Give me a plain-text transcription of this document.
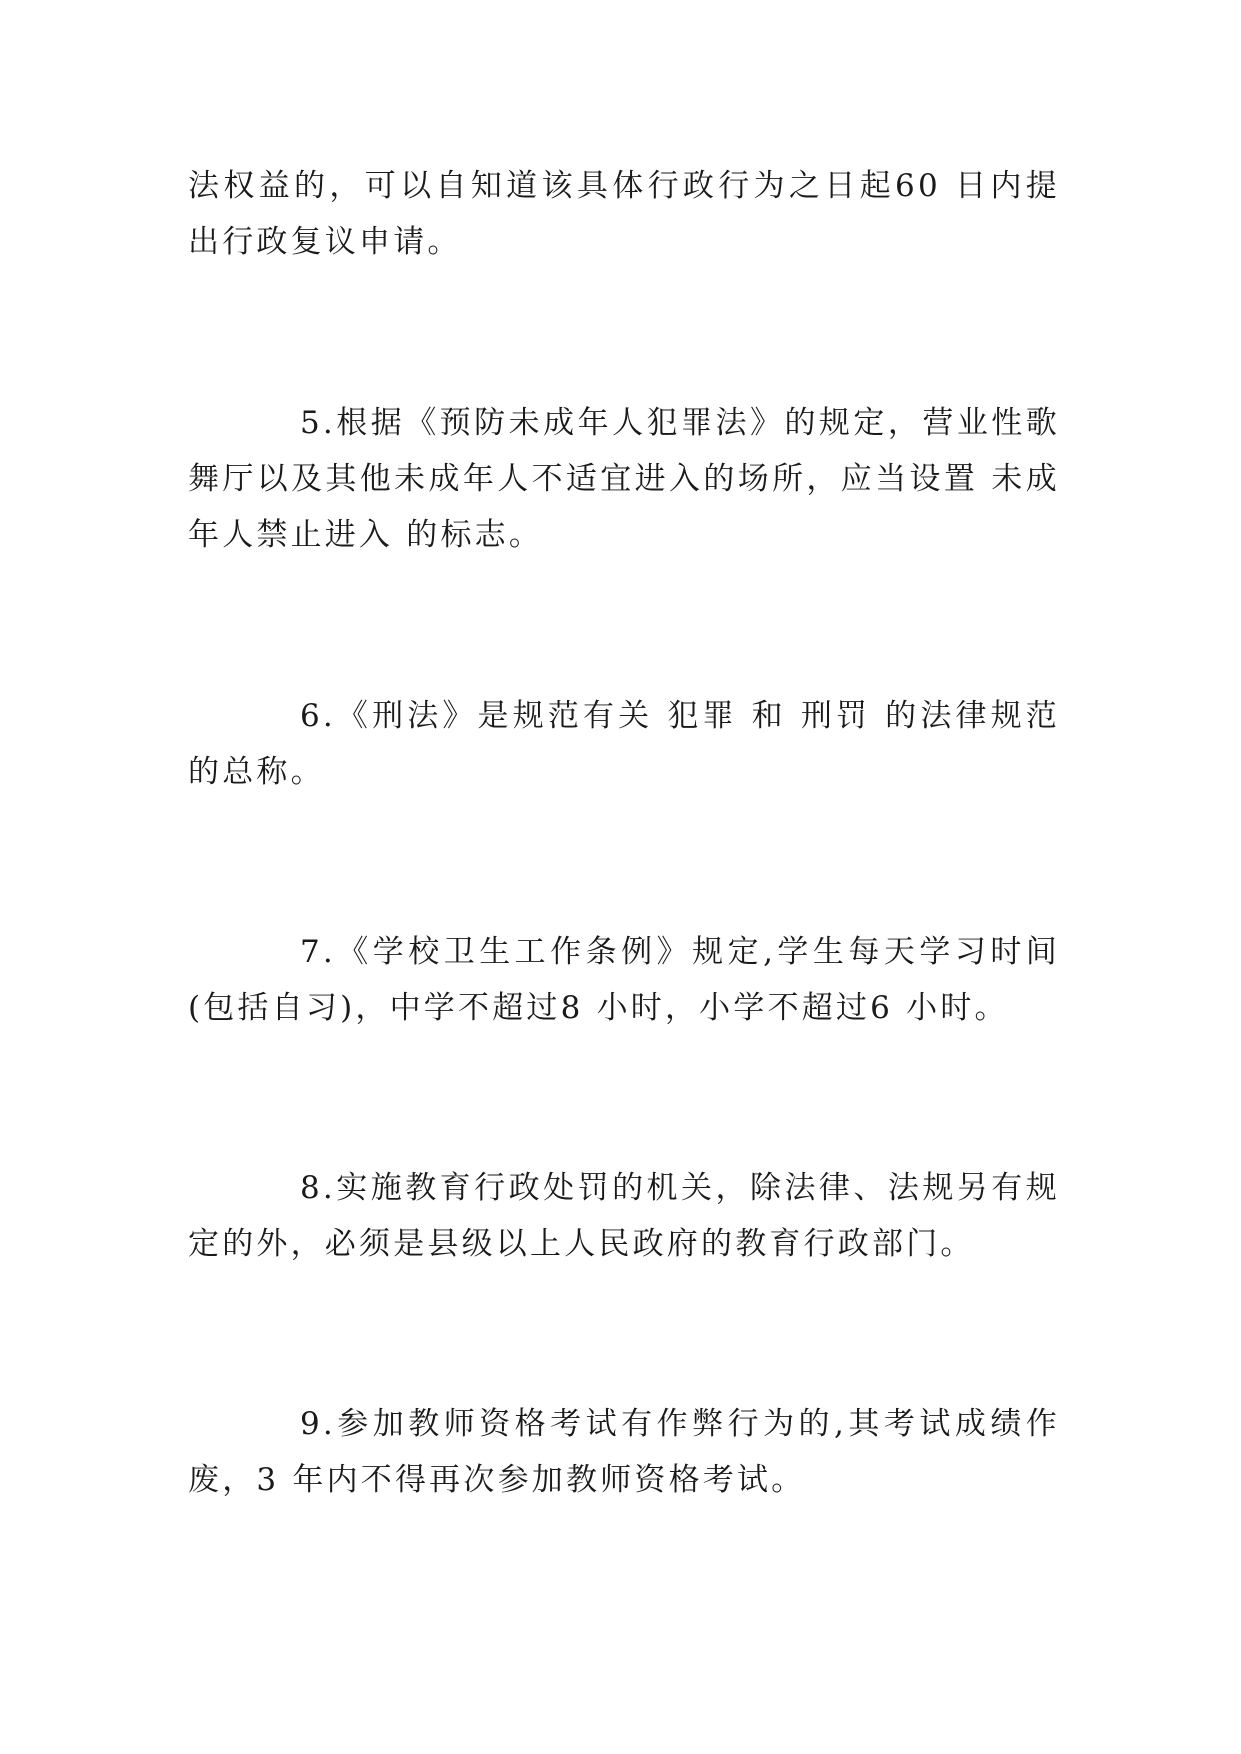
法权益的，可以自知道该具体行政行为之日起60 日内提出行政复议申请。

5.根据《预防未成年人犯罪法》的规定，营业性歌舞厅以及其他未成年人不适宜进入的场所，应当设置 未成年人禁止进入 的标志。

6.《刑法》是规范有关 犯罪 和 刑罚 的法律规范的总称。

7.《学校卫生工作条例》规定,学生每天学习时间(包括自习)，中学不超过8 小时，小学不超过6 小时。

8.实施教育行政处罚的机关，除法律、法规另有规定的外，必须是县级以上人民政府的教育行政部门。

9.参加教师资格考试有作弊行为的,其考试成绩作废，3 年内不得再次参加教师资格考试。
